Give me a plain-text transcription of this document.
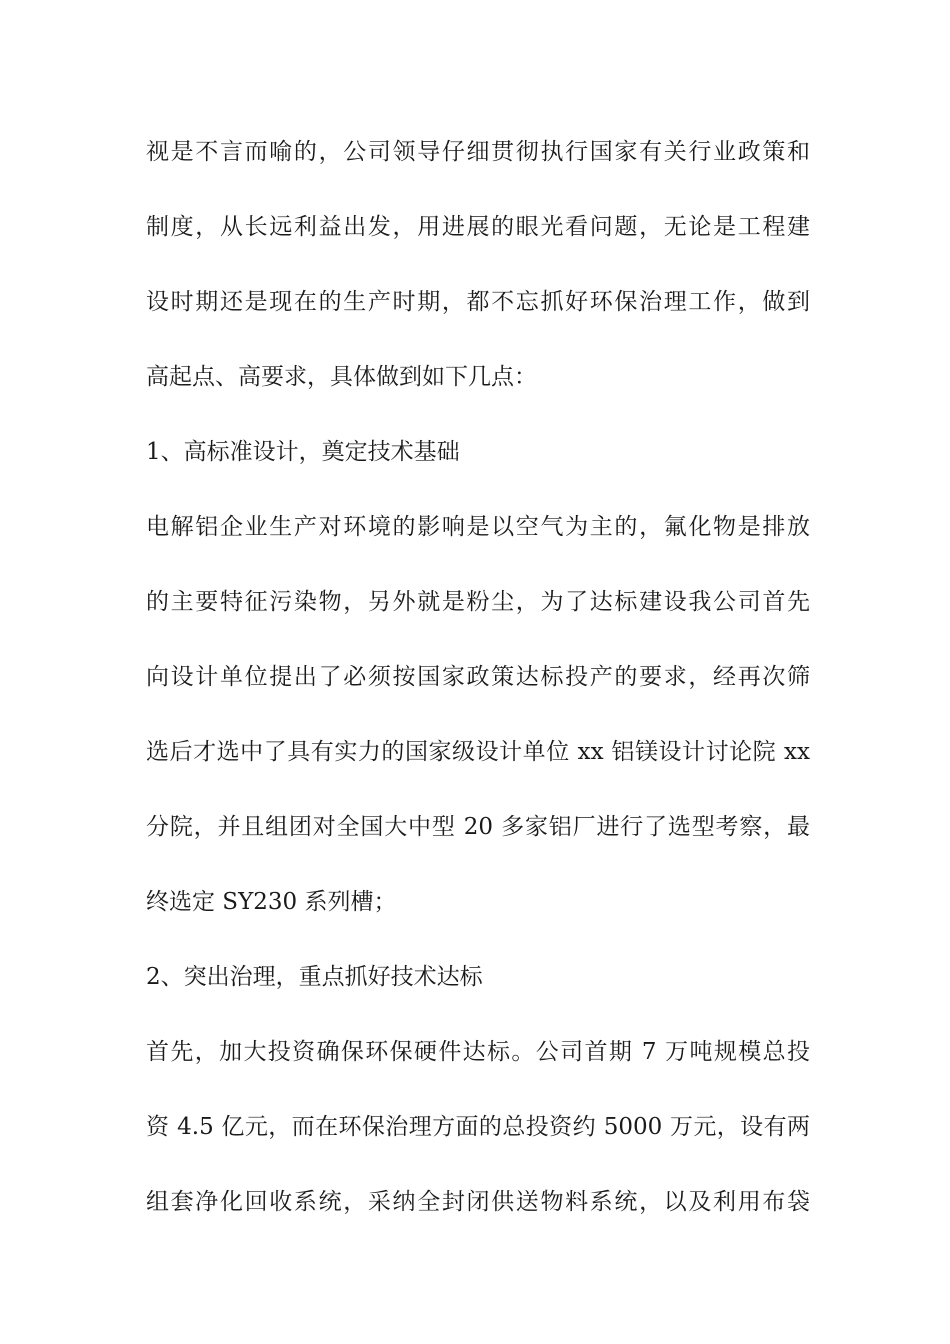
视是不言而喻的，公司领导仔细贯彻执行国家有关行业政策和
制度，从长远利益出发，用进展的眼光看问题，无论是工程建
设时期还是现在的生产时期，都不忘抓好环保治理工作，做到
高起点、高要求，具体做到如下几点：
1、高标准设计，奠定技术基础
电解铝企业生产对环境的影响是以空气为主的，氟化物是排放
的主要特征污染物，另外就是粉尘，为了达标建设我公司首先
向设计单位提出了必须按国家政策达标投产的要求，经再次筛
选后才选中了具有实力的国家级设计单位 xx 铝镁设计讨论院 xx
分院，并且组团对全国大中型 20 多家铝厂进行了选型考察，最
终选定 SY230 系列槽；
2、突出治理，重点抓好技术达标
首先，加大投资确保环保硬件达标。公司首期 7 万吨规模总投
资 4.5 亿元，而在环保治理方面的总投资约 5000 万元，设有两
组套净化回收系统，采纳全封闭供送物料系统，以及利用布袋
